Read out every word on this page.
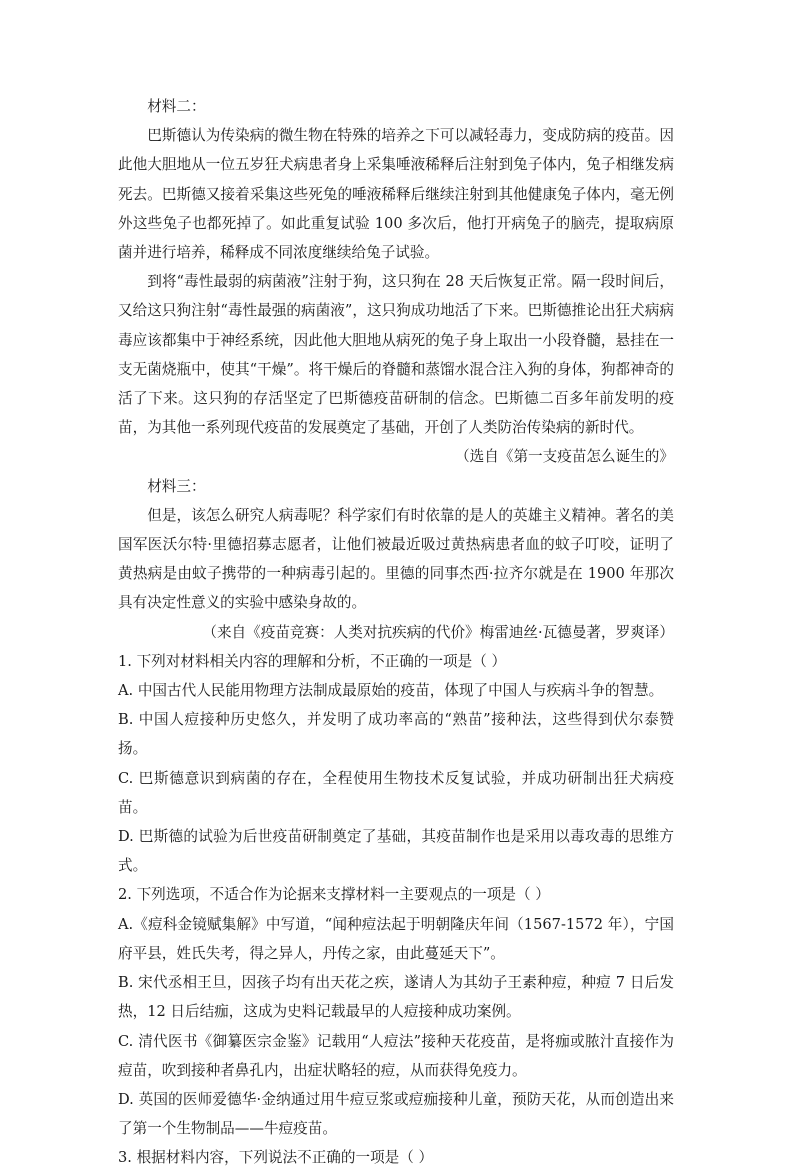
材料二：

巴斯德认为传染病的微生物在特殊的培养之下可以减轻毒力，变成防病的疫苗。因此他大胆地从一位五岁狂犬病患者身上采集唾液稀释后注射到兔子体内，兔子相继发病死去。巴斯德又接着采集这些死兔的唾液稀释后继续注射到其他健康兔子体内，毫无例外这些兔子也都死掉了。如此重复试验 100 多次后，他打开病兔子的脑壳，提取病原菌并进行培养，稀释成不同浓度继续给兔子试验。

到将“毒性最弱的病菌液”注射于狗，这只狗在 28 天后恢复正常。隔一段时间后，又给这只狗注射“毒性最强的病菌液”，这只狗成功地活了下来。巴斯德推论出狂犬病病毒应该都集中于神经系统，因此他大胆地从病死的兔子身上取出一小段脊髓，悬挂在一支无菌烧瓶中，使其“干燥”。将干燥后的脊髓和蒸馏水混合注入狗的身体，狗都神奇的活了下来。这只狗的存活坚定了巴斯德疫苗研制的信念。巴斯德二百多年前发明的疫苗，为其他一系列现代疫苗的发展奠定了基础，开创了人类防治传染病的新时代。

（选自《第一支疫苗怎么诞生的》

材料三：

但是，该怎么研究人病毒呢？科学家们有时依靠的是人的英雄主义精神。著名的美国军医沃尔特·里德招募志愿者，让他们被最近吸过黄热病患者血的蚊子叮咬，证明了黄热病是由蚊子携带的一种病毒引起的。里德的同事杰西·拉齐尔就是在 1900 年那次具有决定性意义的实验中感染身故的。

（来自《疫苗竞赛：人类对抗疾病的代价》梅雷迪丝·瓦德曼著，罗爽译）

1. 下列对材料相关内容的理解和分析，不正确的一项是（ ）

A. 中国古代人民能用物理方法制成最原始的疫苗，体现了中国人与疾病斗争的智慧。

B. 中国人痘接种历史悠久，并发明了成功率高的“熟苗”接种法，这些得到伏尔泰赞扬。

C. 巴斯德意识到病菌的存在，全程使用生物技术反复试验，并成功研制出狂犬病疫苗。

D. 巴斯德的试验为后世疫苗研制奠定了基础，其疫苗制作也是采用以毒攻毒的思维方式。

2. 下列选项，不适合作为论据来支撑材料一主要观点的一项是（ ）

A.《痘科金镜赋集解》中写道，“闻种痘法起于明朝隆庆年间（1567-1572 年），宁国府平县，姓氏失考，得之异人，丹传之家，由此蔓延天下”。

B. 宋代丞相王旦，因孩子均有出天花之疾，遂请人为其幼子王素种痘，种痘 7 日后发热，12 日后结痂，这成为史料记载最早的人痘接种成功案例。

C. 清代医书《御纂医宗金鉴》记载用“人痘法”接种天花疫苗，是将痂或脓汁直接作为痘苗，吹到接种者鼻孔内，出症状略轻的痘，从而获得免疫力。

D. 英国的医师爱德华·金纳通过用牛痘豆浆或痘痂接种儿童，预防天花，从而创造出来了第一个生物制品——牛痘疫苗。

3. 根据材料内容，下列说法不正确的一项是（ ）
